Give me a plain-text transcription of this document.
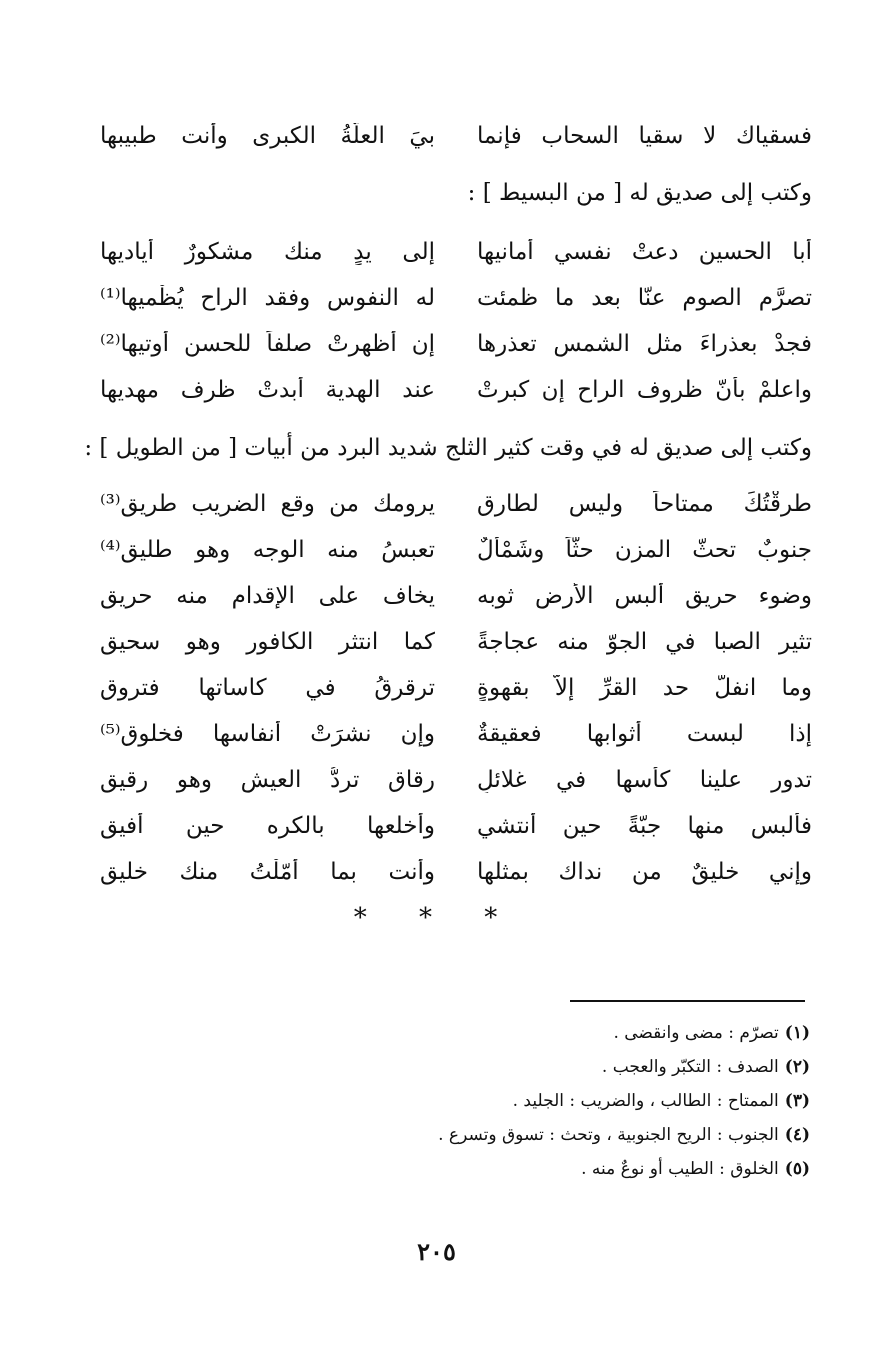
فسقياك لا سقيا السحاب فإنما
بيَ العلّةُ الكبرى وأنت طبيبها
وكتب إلى صديق له [ من البسيط ] :
أبا الحسين دعتْ نفسي أمانيها
إلى يدٍ منك مشكورٌ أياديها
تصرَّم الصوم عنّا بعد ما ظمئت
له النفوس وفقد الراح يُظْميها⁽¹⁾
فجدْ بعذراءَ مثل الشمس تعذرها
إن أظهرتْ صلفاً للحسن أوتيها⁽²⁾
واعلمْ بأنّ ظروف الراح إن كبرتْ
عند الهدية أبدتْ ظرف مهديها
وكتب إلى صديق له في وقت كثير الثلج شديد البرد من أبيات [ من الطويل ] :
طرقْتُكَ ممتاحاً وليس لطارقٍ
يرومك من وقع الضريب طريق⁽³⁾
جنوبٌ تحثّ المزن حثّاً وشَمْأَلٌ
تعبسُ منه الوجه وهو طليق⁽⁴⁾
وضوء حريقٍ ألبس الأرض ثوبه
يخاف على الإقدام منه حريق
تثير الصبا في الجوّ منه عجاجةً
كما انتثر الكافور وهو سحيق
وما انفلّ حد القرِّ إلاّ بقهوةٍ
ترقرقُ في كاساتها فتروق
إذا لبست أثوابها فعقيقةٌ
وإن نشرَتْ أنفاسها فخلوق⁽⁵⁾
تدور علينا كأسها في غلائلٍ
رقاقٍ تردُّ العيش وهو رقيق
فألبس منها جبّةً حين أنتشي
وأخلعها بالكره حين أفيق
وإني خليقٌ من نداك بمثلها
وأنت بما أمّلْتُ منك خليق
* * *
(١)تصرّم : مضى وانقضى .
(٢)الصدف : التكبّر والعجب .
(٣)الممتاح : الطالب ، والضريب : الجليد .
(٤)الجنوب : الريح الجنوبية ، وتحث : تسوق وتسرع .
(٥)الخلوق : الطيب أو نوعٌ منه .
٢٠٥
